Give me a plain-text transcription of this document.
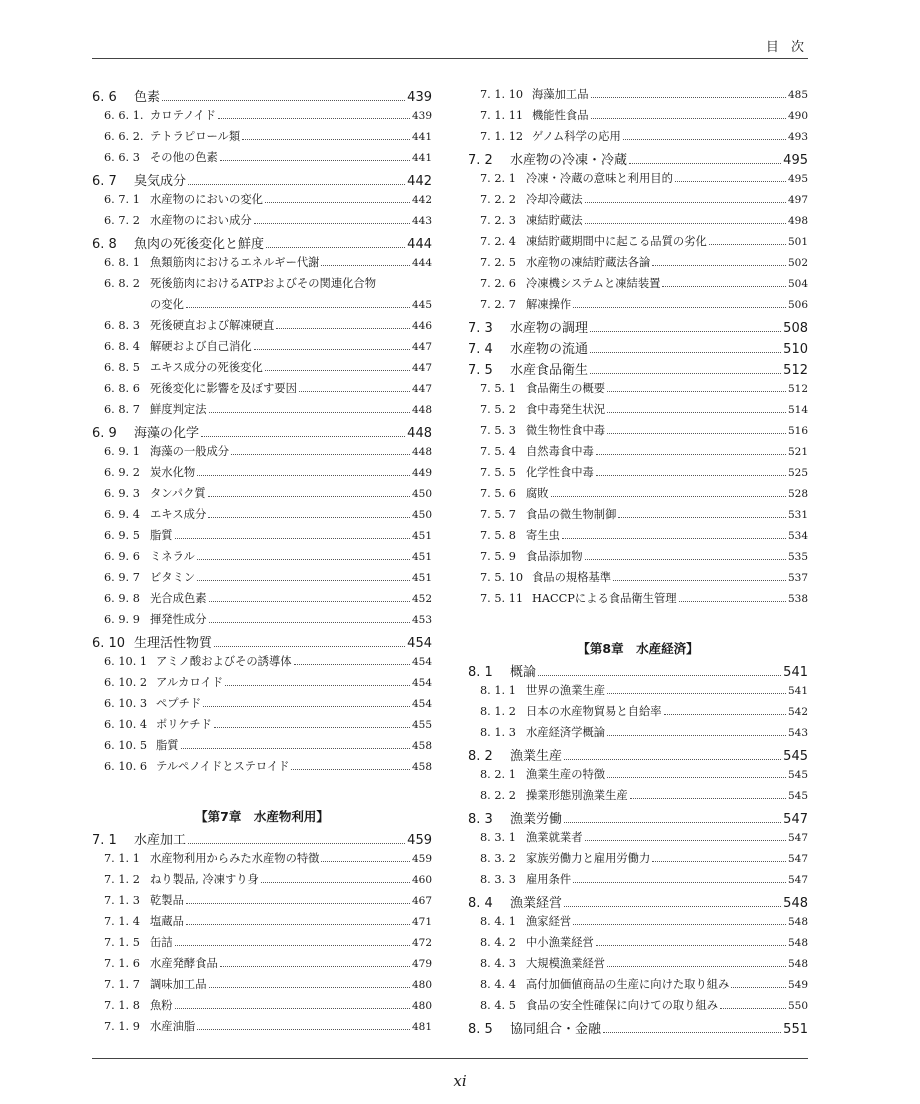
目 次
6. 6	色素	439
6. 6. 1. カロテノイド	439
6. 6. 2. テトラピロール類	441
6. 6. 3 その他の色素	441
6. 7	臭気成分	442
6. 7. 1 水産物のにおいの変化	442
6. 7. 2 水産物のにおい成分	443
6. 8	魚肉の死後変化と鮮度	444
6. 8. 1 魚類筋肉におけるエネルギー代謝	444
6. 8. 2 死後筋肉におけるATPおよびその関連化合物
の変化	445
6. 8. 3 死後硬直および解凍硬直	446
6. 8. 4 解硬および自己消化	447
6. 8. 5 エキス成分の死後変化	447
6. 8. 6 死後変化に影響を及ぼす要因	447
6. 8. 7 鮮度判定法	448
6. 9	海藻の化学	448
6. 9. 1 海藻の一般成分	448
6. 9. 2 炭水化物	449
6. 9. 3 タンパク質	450
6. 9. 4 エキス成分	450
6. 9. 5 脂質	451
6. 9. 6 ミネラル	451
6. 9. 7 ビタミン	451
6. 9. 8 光合成色素	452
6. 9. 9 揮発性成分	453
6. 10 生理活性物質	454
6. 10. 1 アミノ酸およびその誘導体	454
6. 10. 2 アルカロイド	454
6. 10. 3 ペプチド	454
6. 10. 4 ポリケチド	455
6. 10. 5 脂質	458
6. 10. 6 テルペノイドとステロイド	458
【第7章　水産物利用】
7. 1	水産加工	459
7. 1. 1 水産物利用からみた水産物の特徴	459
7. 1. 2 ねり製品, 冷凍すり身	460
7. 1. 3 乾製品	467
7. 1. 4 塩蔵品	471
7. 1. 5 缶詰	472
7. 1. 6 水産発酵食品	479
7. 1. 7 調味加工品	480
7. 1. 8 魚粉	480
7. 1. 9 水産油脂	481
7. 1. 10 海藻加工品	485
7. 1. 11 機能性食品	490
7. 1. 12 ゲノム科学の応用	493
7. 2	水産物の冷凍・冷蔵	495
7. 2. 1 冷凍・冷蔵の意味と利用目的	495
7. 2. 2 冷却冷蔵法	497
7. 2. 3 凍結貯蔵法	498
7. 2. 4 凍結貯蔵期間中に起こる品質の劣化	501
7. 2. 5 水産物の凍結貯蔵法各論	502
7. 2. 6 冷凍機システムと凍結装置	504
7. 2. 7 解凍操作	506
7. 3	水産物の調理	508
7. 4	水産物の流通	510
7. 5	水産食品衛生	512
7. 5. 1 食品衛生の概要	512
7. 5. 2 食中毒発生状況	514
7. 5. 3 微生物性食中毒	516
7. 5. 4 自然毒食中毒	521
7. 5. 5 化学性食中毒	525
7. 5. 6 腐敗	528
7. 5. 7 食品の微生物制御	531
7. 5. 8 寄生虫	534
7. 5. 9 食品添加物	535
7. 5. 10 食品の規格基準	537
7. 5. 11 HACCPによる食品衛生管理	538
【第8章　水産経済】
8. 1	概論	541
8. 1. 1 世界の漁業生産	541
8. 1. 2 日本の水産物貿易と自給率	542
8. 1. 3 水産経済学概論	543
8. 2	漁業生産	545
8. 2. 1 漁業生産の特徴	545
8. 2. 2 操業形態別漁業生産	545
8. 3	漁業労働	547
8. 3. 1 漁業就業者	547
8. 3. 2 家族労働力と雇用労働力	547
8. 3. 3 雇用条件	547
8. 4	漁業経営	548
8. 4. 1 漁家経営	548
8. 4. 2 中小漁業経営	548
8. 4. 3 大規模漁業経営	548
8. 4. 4 高付加価値商品の生産に向けた取り組み	549
8. 4. 5 食品の安全性確保に向けての取り組み	550
8. 5	協同組合・金融	551
xi
